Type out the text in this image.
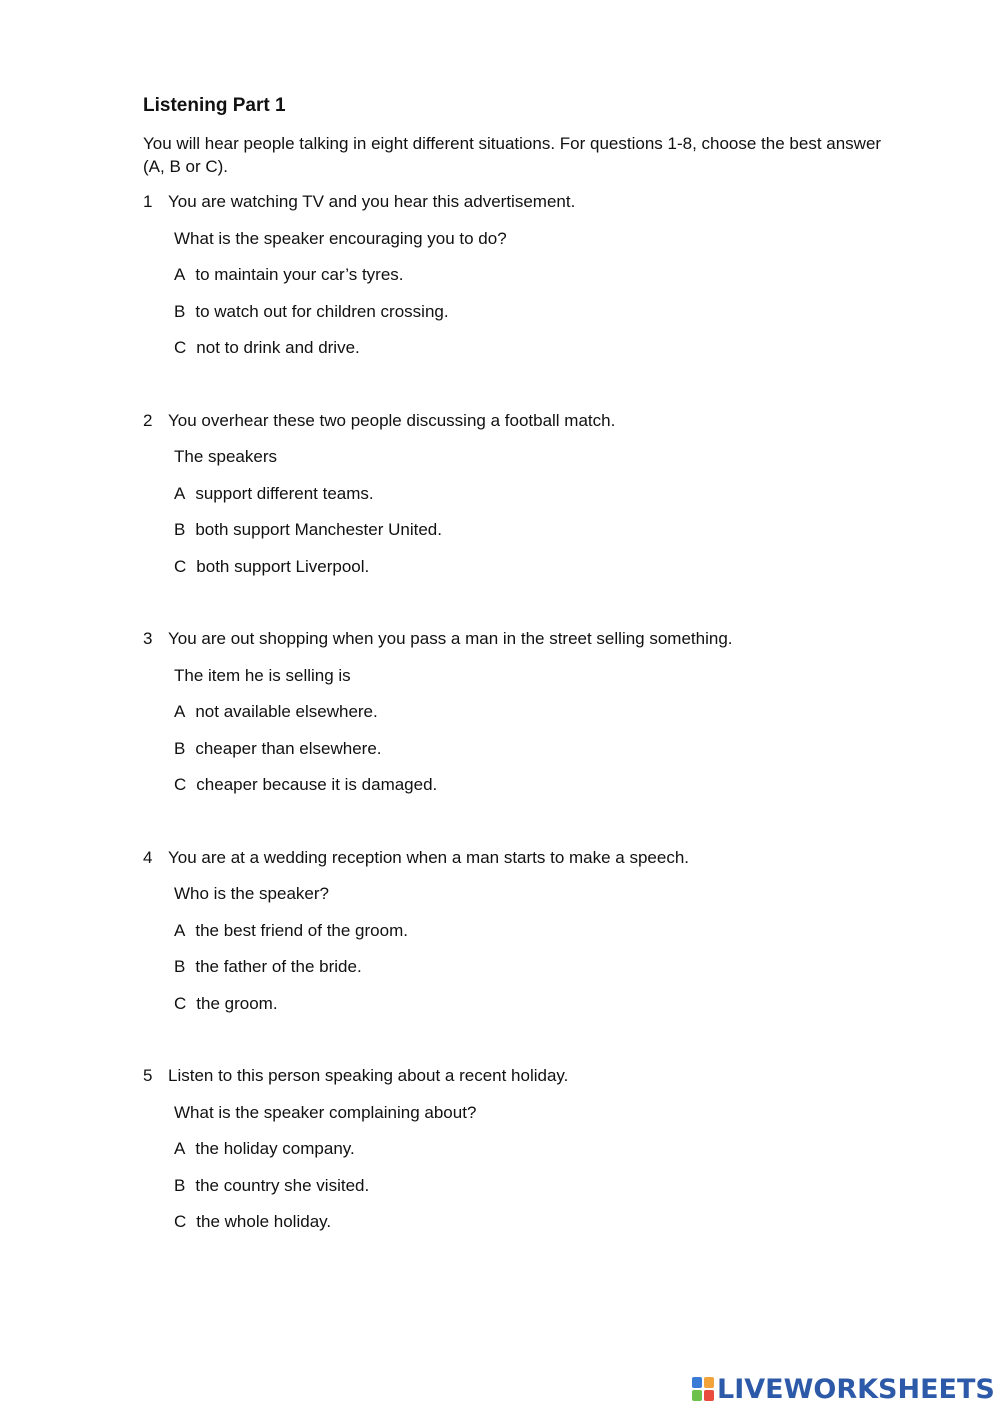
Listening Part 1

You will hear people talking in eight different situations. For questions 1-8, choose the best answer (A, B or C).

1 You are watching TV and you hear this advertisement.
What is the speaker encouraging you to do?
A to maintain your car’s tyres.
B to watch out for children crossing.
C not to drink and drive.
2 You overhear these two people discussing a football match.
The speakers
A support different teams.
B both support Manchester United.
C both support Liverpool.
3 You are out shopping when you pass a man in the street selling something.
The item he is selling is
A not available elsewhere.
B cheaper than elsewhere.
C cheaper because it is damaged.
4 You are at a wedding reception when a man starts to make a speech.
Who is the speaker?
A the best friend of the groom.
B the father of the bride.
C the groom.
5 Listen to this person speaking about a recent holiday.
What is the speaker complaining about?
A the holiday company.
B the country she visited.
C the whole holiday.
LIVEWORKSHEETS
